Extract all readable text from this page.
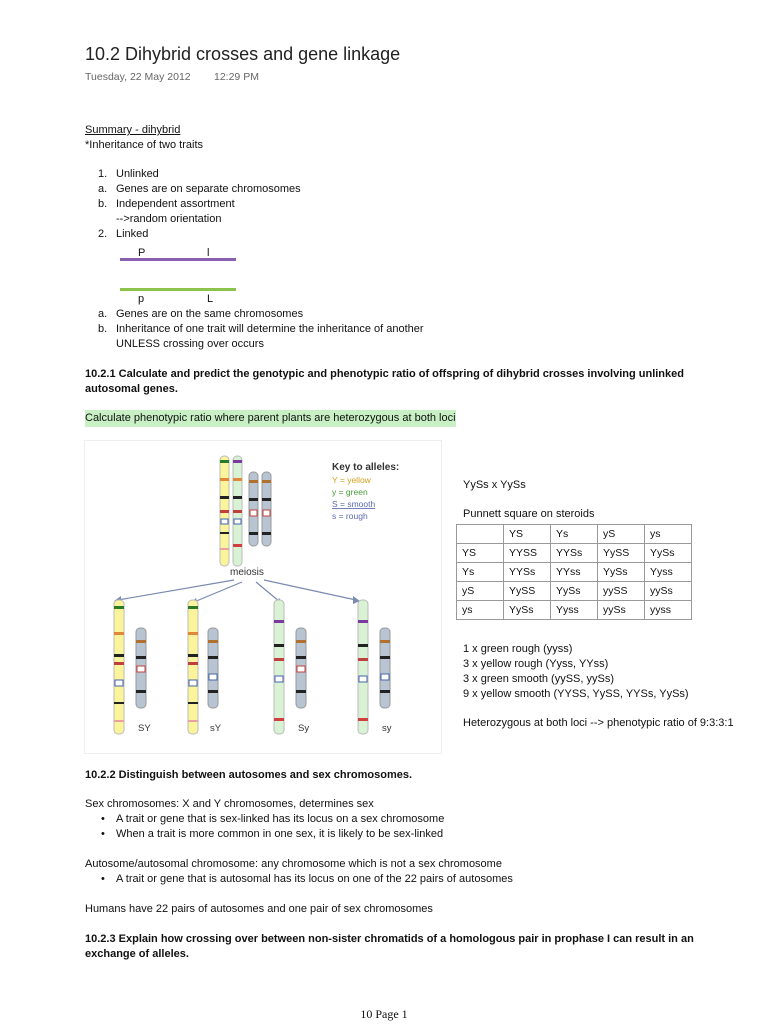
10.2 Dihybrid crosses and gene linkage
Tuesday, 22 May 2012 12:29 PM
Summary - dihybrid
*Inheritance of two traits
1. Unlinked
a. Genes are on separate chromosomes
b. Independent assortment
-->random orientation
2. Linked
P	l
p	L
a. Genes are on the same chromosomes
b. Inheritance of one trait will determine the inheritance of another
UNLESS crossing over occurs
10.2.1 Calculate and predict the genotypic and phenotypic ratio of offspring of dihybrid crosses involving unlinked
autosomal genes.
Calculate phenotypic ratio where parent plants are heterozygous at both loci
Key to alleles:
Y = yellow
y = green
S = smooth
s = rough
meiosis
SY	sY	Sy	sy
YySs x YySs
Punnett square on steroids
	YS	Ys	yS	ys
YS	YYSS	YYSs	YySS	YySs
Ys	YYSs	YYss	YySs	Yyss
yS	YySS	YySs	yySS	yySs
ys	YySs	Yyss	yySs	yyss
1 x green rough (yyss)
3 x yellow rough (Yyss, YYss)
3 x green smooth (yySS, yySs)
9 x yellow smooth (YYSS, YySS, YYSs, YySs)
Heterozygous at both loci --> phenotypic ratio of 9:3:3:1
10.2.2 Distinguish between autosomes and sex chromosomes.
Sex chromosomes: X and Y chromosomes, determines sex
• A trait or gene that is sex-linked has its locus on a sex chromosome
• When a trait is more common in one sex, it is likely to be sex-linked
Autosome/autosomal chromosome: any chromosome which is not a sex chromosome
• A trait or gene that is autosomal has its locus on one of the 22 pairs of autosomes
Humans have 22 pairs of autosomes and one pair of sex chromosomes
10.2.3 Explain how crossing over between non-sister chromatids of a homologous pair in prophase I can result in an
exchange of alleles.
10 Page 1
